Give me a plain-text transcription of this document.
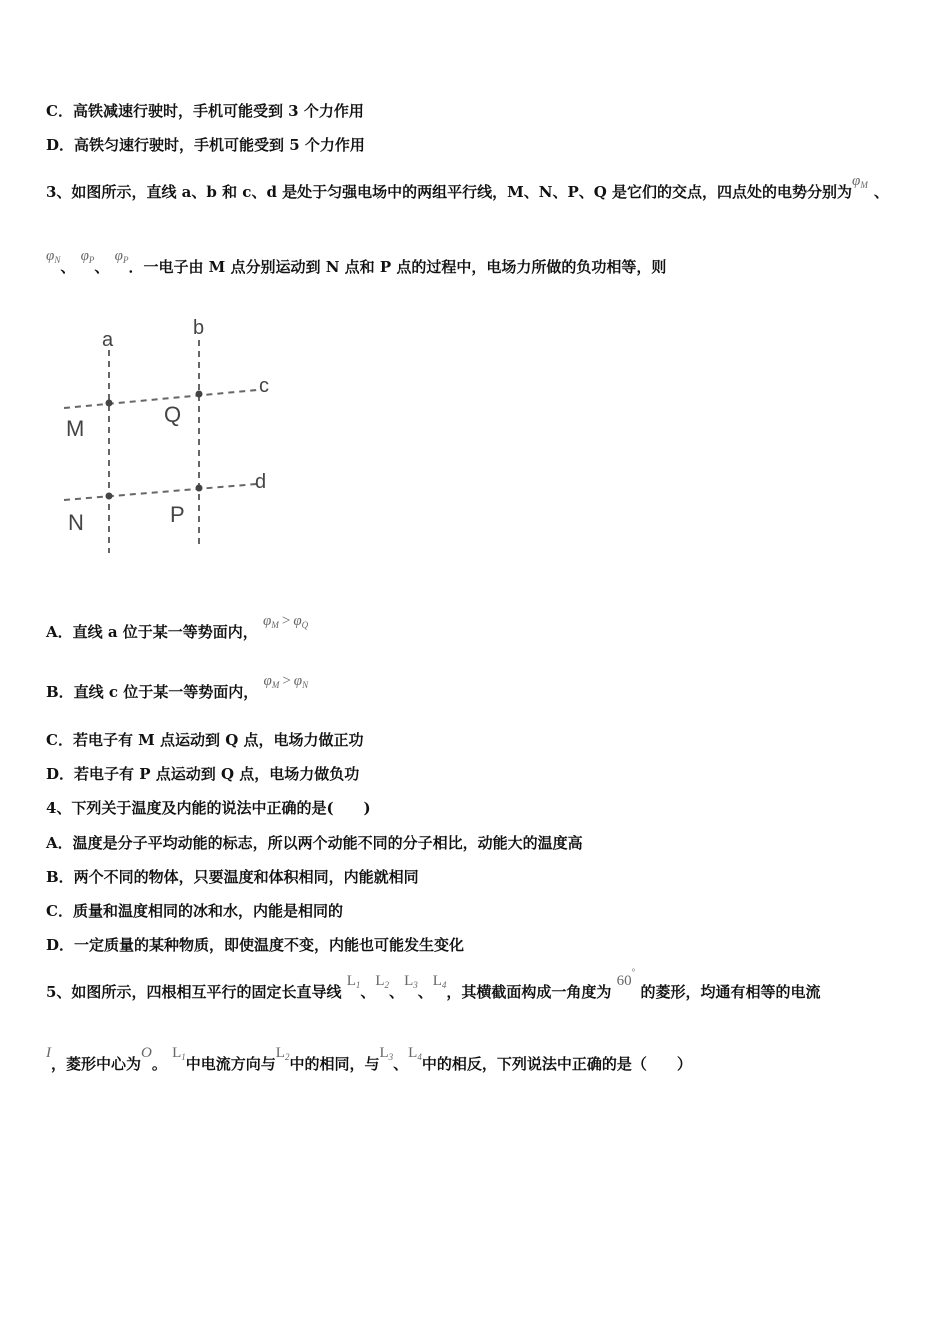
C．高铁减速行驶时，手机可能受到 3 个力作用
D．高铁匀速行驶时，手机可能受到 5 个力作用
3、如图所示，直线 a、b 和 c、d 是处于匀强电场中的两组平行线，M、N、P、Q 是它们的交点，四点处的电势分别为$\varphi_M$ 、
$\varphi_N$、 $\varphi_P$、 $\varphi_P$．一电子由 M 点分别运动到 N 点和 P 点的过程中，电场力所做的负功相等，则
a
b
c
d
M
Q
N	P
A．直线 a 位于某一等势面内， $\varphi_M > \varphi_Q$
B．直线 c 位于某一等势面内， $\varphi_M > \varphi_N$
C．若电子有 M 点运动到 Q 点，电场力做正功
D．若电子有 P 点运动到 Q 点，电场力做负功
4、下列关于温度及内能的说法中正确的是(　　)
A．温度是分子平均动能的标志，所以两个动能不同的分子相比，动能大的温度高
B．两个不同的物体，只要温度和体积相同，内能就相同
C．质量和温度相同的冰和水，内能是相同的
D．一定质量的某种物质，即使温度不变，内能也可能发生变化
5、如图所示，四根相互平行的固定长直导线 $L_1$、$L_2$、$L_3$、$L_4$，其横截面构成一角度为 60° 的菱形，均通有相等的电流
I，菱形中心为O。 $L_1$中电流方向与$L_2$中的相同，与$L_3$、$L_4$中的相反，下列说法中正确的是（　　）
